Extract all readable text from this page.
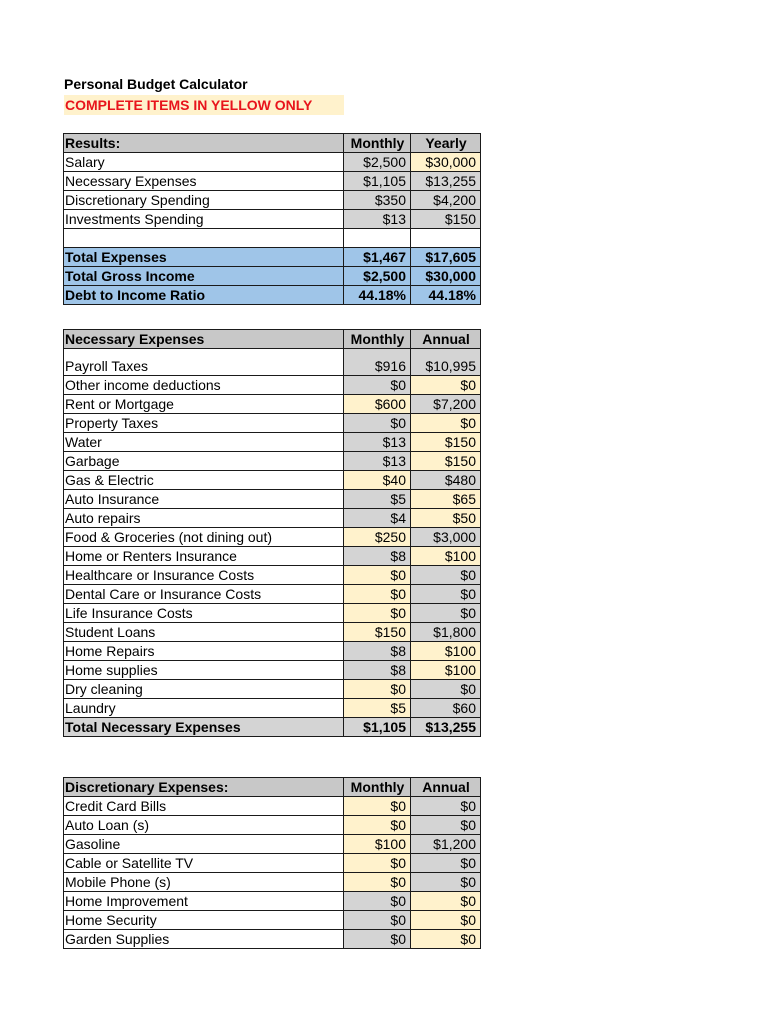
Personal Budget Calculator
COMPLETE ITEMS IN YELLOW ONLY
Results:	Monthly	Yearly
Salary	$2,500	$30,000
Necessary Expenses	$1,105	$13,255
Discretionary Spending	$350	$4,200
Investments Spending	$13	$150

Total Expenses	$1,467	$17,605
Total Gross Income	$2,500	$30,000
Debt to Income Ratio	44.18%	44.18%
Necessary Expenses	Monthly	Annual
Payroll Taxes	$916	$10,995
Other income deductions	$0	$0
Rent or Mortgage	$600	$7,200
Property Taxes	$0	$0
Water	$13	$150
Garbage	$13	$150
Gas & Electric	$40	$480
Auto Insurance	$5	$65
Auto repairs	$4	$50
Food & Groceries (not dining out)	$250	$3,000
Home or Renters Insurance	$8	$100
Healthcare or Insurance Costs	$0	$0
Dental Care or Insurance Costs	$0	$0
Life Insurance Costs	$0	$0
Student Loans	$150	$1,800
Home Repairs	$8	$100
Home supplies	$8	$100
Dry cleaning	$0	$0
Laundry	$5	$60
Total Necessary Expenses	$1,105	$13,255
Discretionary Expenses:	Monthly	Annual
Credit Card Bills	$0	$0
Auto Loan (s)	$0	$0
Gasoline	$100	$1,200
Cable or Satellite TV	$0	$0
Mobile Phone (s)	$0	$0
Home Improvement	$0	$0
Home Security	$0	$0
Garden Supplies	$0	$0
